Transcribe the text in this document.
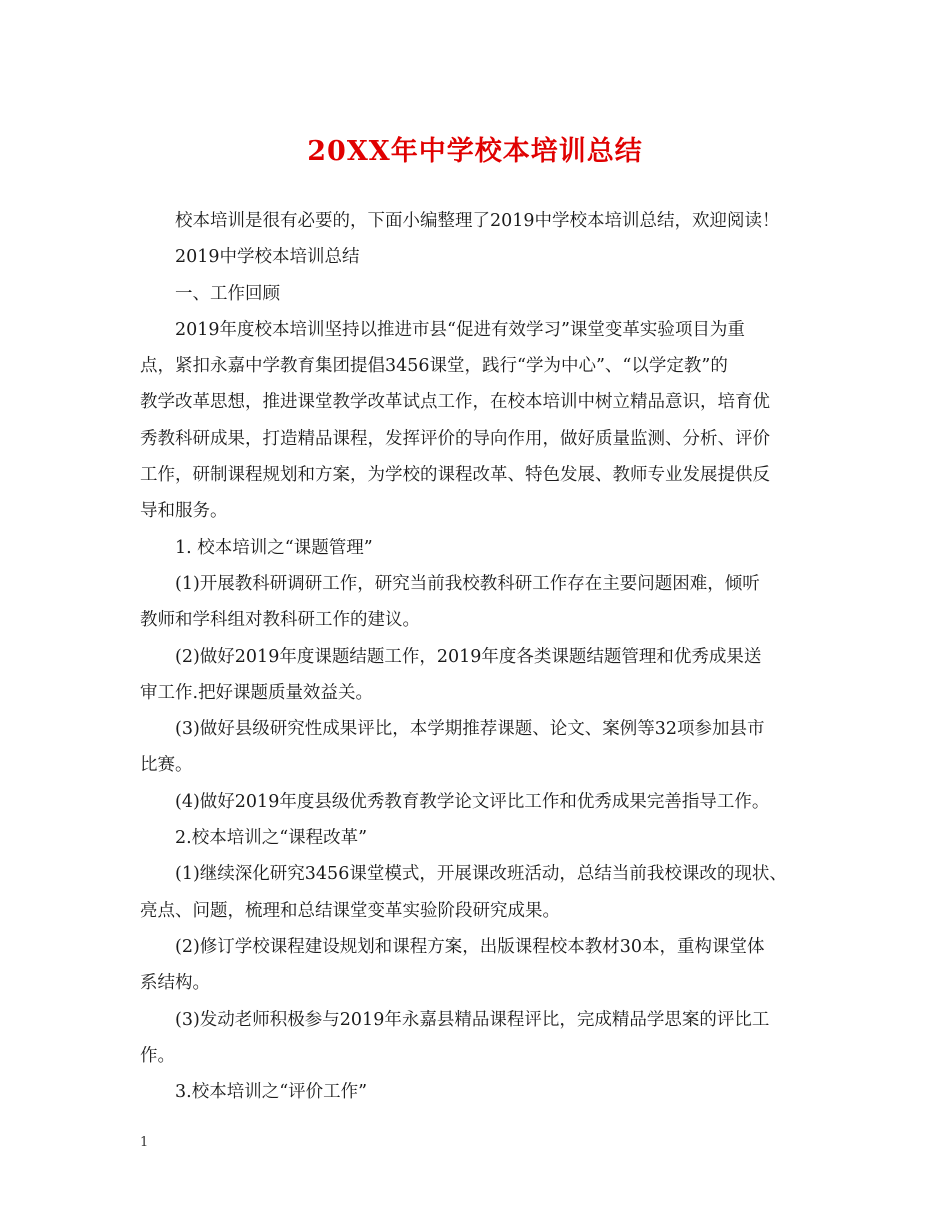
20XX年中学校本培训总结

校本培训是很有必要的，下面小编整理了2019中学校本培训总结，欢迎阅读！

2019中学校本培训总结

一、工作回顾

2019年度校本培训坚持以推进市县“促进有效学习”课堂变革实验项目为重
点，紧扣永嘉中学教育集团提倡3456课堂，践行“学为中心”、“以学定教”的
教学改革思想，推进课堂教学改革试点工作，在校本培训中树立精品意识，培育优
秀教科研成果，打造精品课程，发挥评价的导向作用，做好质量监测、分析、评价
工作，研制课程规划和方案，为学校的课程改革、特色发展、教师专业发展提供反
导和服务。

1. 校本培训之“课题管理”

(1)开展教科研调研工作，研究当前我校教科研工作存在主要问题困难，倾听
教师和学科组对教科研工作的建议。

(2)做好2019年度课题结题工作，2019年度各类课题结题管理和优秀成果送
审工作.把好课题质量效益关。

(3)做好县级研究性成果评比，本学期推荐课题、论文、案例等32项参加县市
比赛。

(4)做好2019年度县级优秀教育教学论文评比工作和优秀成果完善指导工作。

2.校本培训之“课程改革”

(1)继续深化研究3456课堂模式，开展课改班活动，总结当前我校课改的现状、
亮点、问题，梳理和总结课堂变革实验阶段研究成果。

(2)修订学校课程建设规划和课程方案，出版课程校本教材30本，重构课堂体
系结构。

(3)发动老师积极参与2019年永嘉县精品课程评比，完成精品学思案的评比工
作。

3.校本培训之“评价工作”

1
